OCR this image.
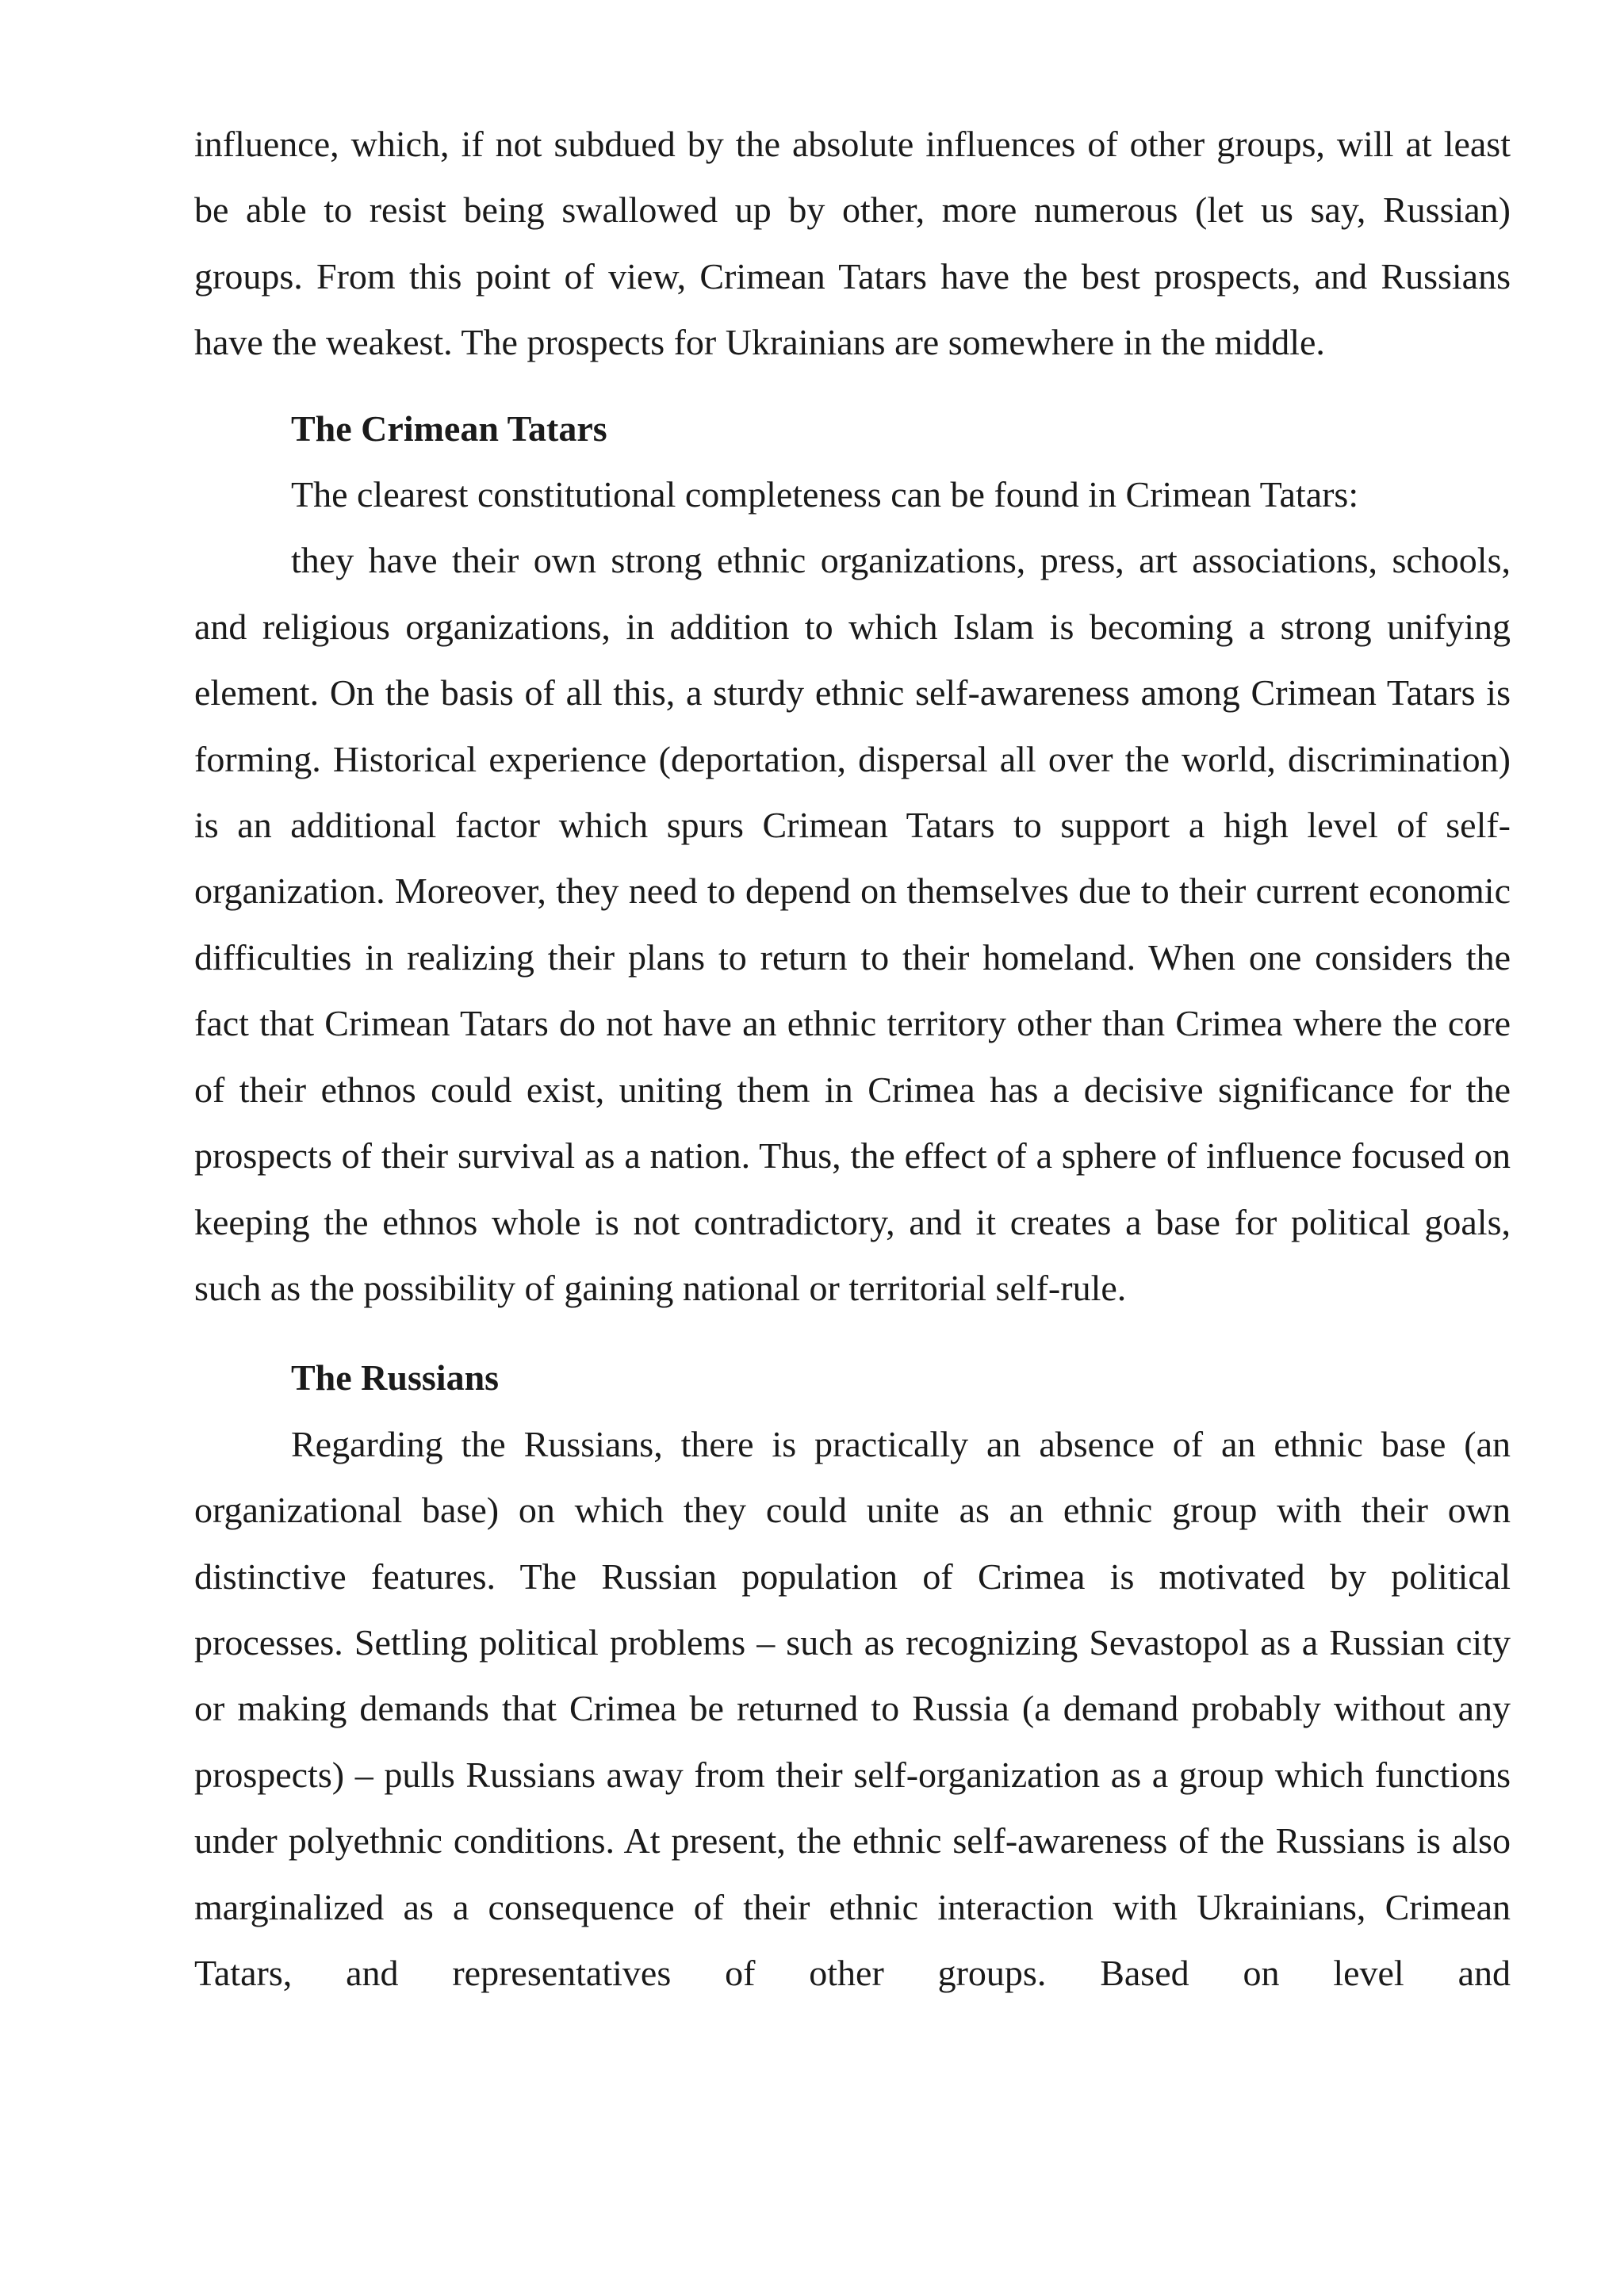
influence, which, if not subdued by the absolute influences of other groups, will at least be able to resist being swallowed up by other, more numerous (let us say, Russian) groups. From this point of view, Crimean Tatars have the best prospects, and Russians have the weakest. The prospects for Ukrainians are somewhere in the middle.

The Crimean Tatars

The clearest constitutional completeness can be found in Crimean Tatars:

they have their own strong ethnic organizations, press, art associations, schools, and religious organizations, in addition to which Islam is becoming a strong unifying element. On the basis of all this, a sturdy ethnic self-awareness among Crimean Tatars is forming. Historical experience (deportation, dispersal all over the world, discrimination) is an additional factor which spurs Crimean Tatars to support a high level of self-organization. Moreover, they need to depend on themselves due to their current economic difficulties in realizing their plans to return to their homeland. When one considers the fact that Crimean Tatars do not have an ethnic territory other than Crimea where the core of their ethnos could exist, uniting them in Crimea has a decisive significance for the prospects of their survival as a nation. Thus, the effect of a sphere of influence focused on keeping the ethnos whole is not contradictory, and it creates a base for political goals, such as the possibility of gaining national or territorial self-rule.

The Russians

Regarding the Russians, there is practically an absence of an ethnic base (an organizational base) on which they could unite as an ethnic group with their own distinctive features. The Russian population of Crimea is motivated by political processes. Settling political problems – such as recognizing Sevastopol as a Russian city or making demands that Crimea be returned to Russia (a demand probably without any prospects) – pulls Russians away from their self-organization as a group which functions under polyethnic conditions. At present, the ethnic self-awareness of the Russians is also marginalized as a consequence of their ethnic interaction with Ukrainians, Crimean Tatars, and representatives of other groups. Based on level and
